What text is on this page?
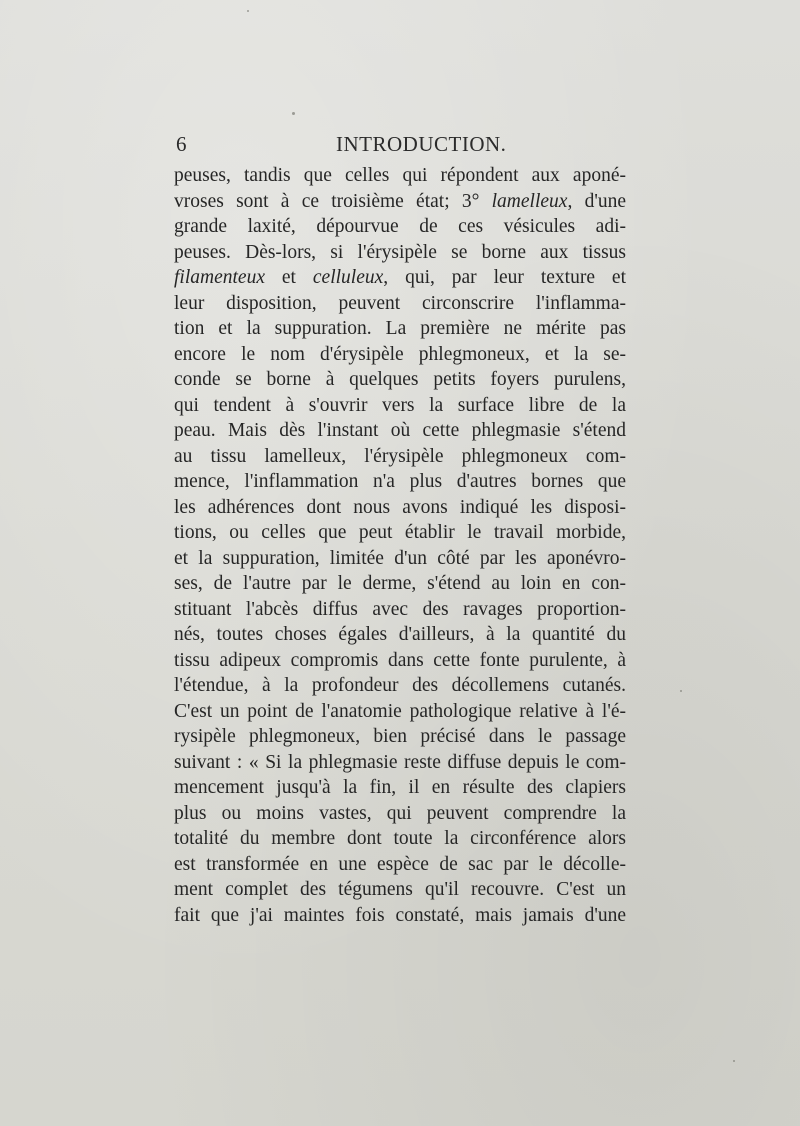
6	INTRODUCTION.
peuses, tandis que celles qui répondent aux aponé-
vroses sont à ce troisième état; 3° lamelleux, d'une
grande laxité, dépourvue de ces vésicules adi-
peuses. Dès-lors, si l'érysipèle se borne aux tissus
filamenteux et celluleux, qui, par leur texture et
leur disposition, peuvent circonscrire l'inflamma-
tion et la suppuration. La première ne mérite pas
encore le nom d'érysipèle phlegmoneux, et la se-
conde se borne à quelques petits foyers purulens,
qui tendent à s'ouvrir vers la surface libre de la
peau. Mais dès l'instant où cette phlegmasie s'étend
au tissu lamelleux, l'érysipèle phlegmoneux com-
mence, l'inflammation n'a plus d'autres bornes que
les adhérences dont nous avons indiqué les disposi-
tions, ou celles que peut établir le travail morbide,
et la suppuration, limitée d'un côté par les aponévro-
ses, de l'autre par le derme, s'étend au loin en con-
stituant l'abcès diffus avec des ravages proportion-
nés, toutes choses égales d'ailleurs, à la quantité du
tissu adipeux compromis dans cette fonte purulente, à
l'étendue, à la profondeur des décollemens cutanés.
C'est un point de l'anatomie pathologique relative à l'é-
rysipèle phlegmoneux, bien précisé dans le passage
suivant : « Si la phlegmasie reste diffuse depuis le com-
mencement jusqu'à la fin, il en résulte des clapiers
plus ou moins vastes, qui peuvent comprendre la
totalité du membre dont toute la circonférence alors
est transformée en une espèce de sac par le décolle-
ment complet des tégumens qu'il recouvre. C'est un
fait que j'ai maintes fois constaté, mais jamais d'une
